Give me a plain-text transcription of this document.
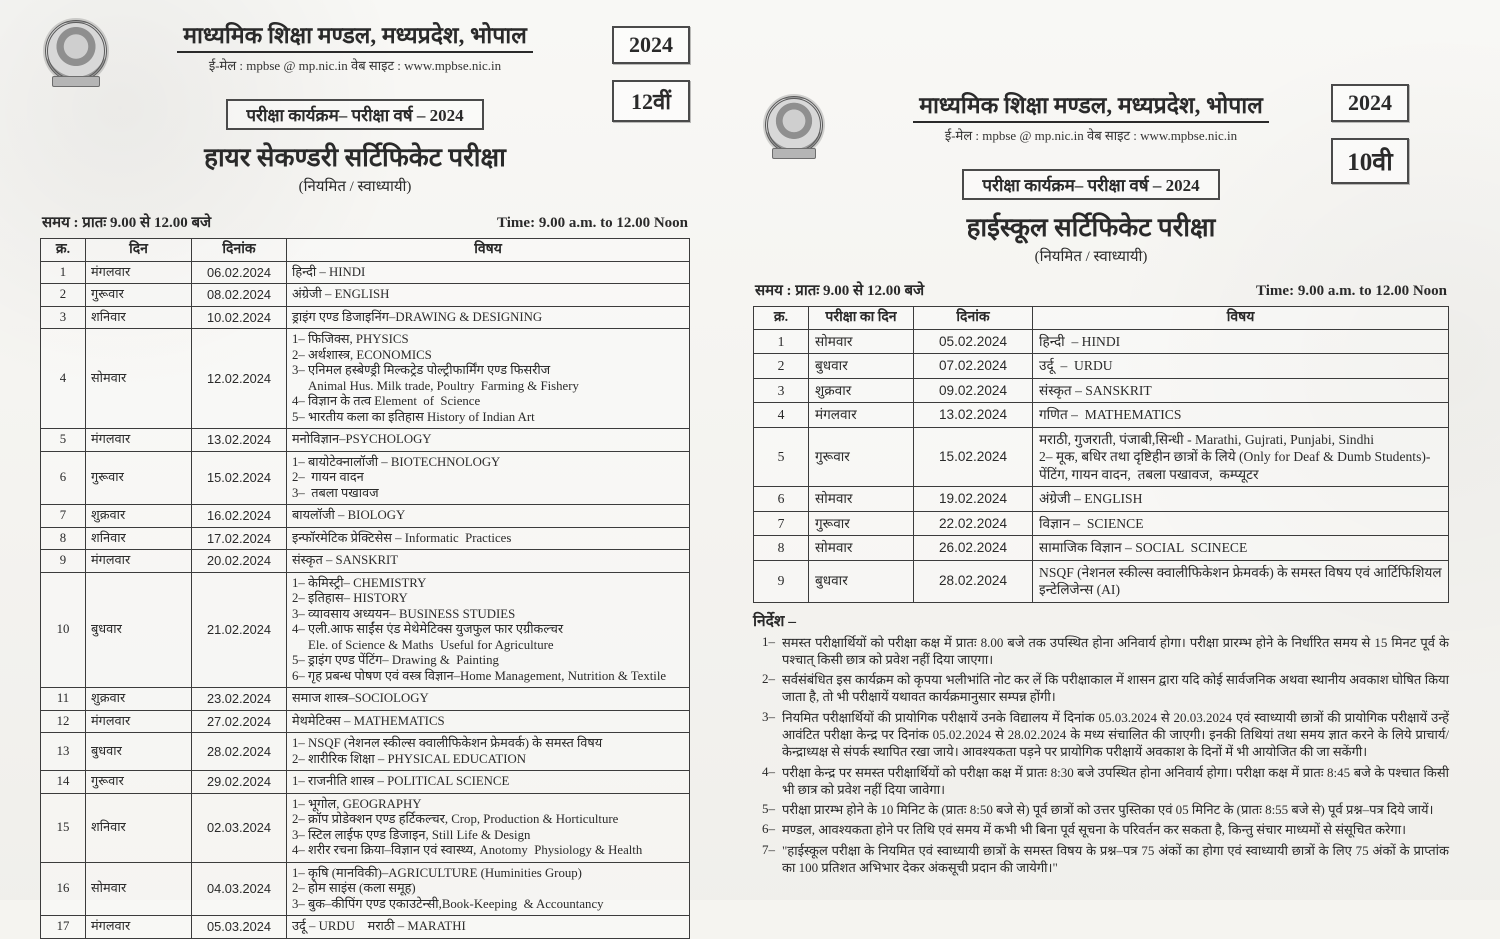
2024
12वीं
माध्यमिक शिक्षा मण्डल, मध्यप्रदेश, भोपाल

ई-मेल : mpbse @ mp.nic.in वेब साइट : www.mpbse.nic.in

परीक्षा कार्यक्रम– परीक्षा वर्ष – 2024
हायर सेकण्डरी सर्टिफिकेट परीक्षा
(नियमित / स्वाध्यायी)
समय : प्रातः 9.00 से 12.00 बजे	Time: 9.00 a.m. to 12.00 Noon
क्र.	दिन	दिनांक	विषय
1	मंगलवार	06.02.2024	हिन्दी – HINDI

2	गुरूवार	08.02.2024	अंग्रेजी – ENGLISH

3	शनिवार	10.02.2024	ड्राइंग एण्ड डिजाइनिंग–DRAWING & DESIGNING

4	सोमवार	12.02.2024	
1– फिजिक्स, PHYSICS
2– अर्थशास्त्र, ECONOMICS
3– एनिमल हस्बेण्ड्री मिल्कट्रेड पोल्ट्रीफार्मिंग एण्ड फिसरीज
Animal Hus. Milk trade, Poultry  Farming & Fishery
4– विज्ञान के तत्व Element  of  Science
5– भारतीय कला का इतिहास History of Indian Art

5	मंगलवार	13.02.2024	मनोविज्ञान–PSYCHOLOGY

6	गुरूवार	15.02.2024	1– बायोटेक्नालॉजी – BIOTECHNOLOGY
2–  गायन वादन
3–  तबला पखावज

7	शुक्रवार	16.02.2024	बायलॉजी – BIOLOGY

8	शनिवार	17.02.2024	इन्फॉरमेटिक प्रेक्टिसेस – Informatic  Practices

9	मंगलवार	20.02.2024	संस्कृत – SANSKRIT

10	बुधवार	21.02.2024	
1– केमिस्ट्री– CHEMISTRY
2– इतिहास– HISTORY
3– व्यावसाय अध्ययन– BUSINESS STUDIES
4– एली.आफ साईंस एंड मेथेमेटिक्स युजफुल फार एग्रीकल्चर
Ele. of Science & Maths  Useful for Agriculture
5– ड्राइंग एण्ड पेंटिंग– Drawing &  Painting
6– गृह प्रबन्ध पोषण एवं वस्त्र विज्ञान–Home Management, Nutrition & Textile

11	शुक्रवार	23.02.2024	समाज शास्त्र–SOCIOLOGY

12	मंगलवार	27.02.2024	मेथमेटिक्स – MATHEMATICS

13	बुधवार	28.02.2024	1– NSQF (नेशनल स्कील्स क्वालीफिकेशन फ्रेमवर्क) के समस्त विषय
2– शारीरिक शिक्षा – PHYSICAL EDUCATION

14	गुरूवार	29.02.2024	1– राजनीति शास्त्र – POLITICAL SCIENCE

15	शनिवार	02.03.2024	1– भूगोल, GEOGRAPHY
2– क्रॉप प्रोडेक्शन एण्ड हर्टिकल्चर, Crop, Production & Horticulture
3– स्टिल लाईफ एण्ड डिजाइन, Still Life & Design
4– शरीर रचना क्रिया–विज्ञान एवं स्वास्थ्य, Anotomy  Physiology & Health

16	सोमवार	04.03.2024	1– कृषि (मानविकी)–AGRICULTURE (Huminities Group)
2– होम साइंस (कला समूह)
3– बुक–कीपिंग एण्ड एकाउटेन्सी,Book-Keeping  & Accountancy

17	मंगलवार	05.03.2024	उर्दू – URDU    मराठी – MARATHI
2024
10वी
माध्यमिक शिक्षा मण्डल, मध्यप्रदेश, भोपाल

ई-मेल : mpbse @ mp.nic.in वेब साइट : www.mpbse.nic.in

परीक्षा कार्यक्रम– परीक्षा वर्ष – 2024
हाईस्कूल सर्टिफिकेट परीक्षा
(नियमित / स्वाध्यायी)
समय : प्रातः 9.00 से 12.00 बजे	Time: 9.00 a.m. to 12.00 Noon
क्र.	परीक्षा का दिन	दिनांक	विषय
1	सोमवार	05.02.2024	हिन्दी  – HINDI

2	बुधवार	07.02.2024	उर्दू  –  URDU

3	शुक्रवार	09.02.2024	संस्कृत – SANSKRIT

4	मंगलवार	13.02.2024	गणित –  MATHEMATICS

5	गुरूवार	15.02.2024	मराठी, गुजराती, पंजाबी,सिन्धी - Marathi, Gujrati, Punjabi, Sindhi
2– मूक, बधिर तथा दृष्टिहीन छात्रों के लिये (Only for Deaf & Dumb Students)- पेंटिंग, गायन वादन,  तबला पखावज,  कम्प्यूटर

6	सोमवार	19.02.2024	अंग्रेजी – ENGLISH

7	गुरूवार	22.02.2024	विज्ञान –  SCIENCE

8	सोमवार	26.02.2024	सामाजिक विज्ञान – SOCIAL  SCINECE

9	बुधवार	28.02.2024	NSQF (नेशनल स्कील्स क्वालीफिकेशन फ्रेमवर्क) के समस्त विषय एवं आर्टिफिशियल इन्टेलिजेन्स (AI)
निर्देश –
1– समस्त परीक्षार्थियों को परीक्षा कक्ष में प्रातः 8.00 बजे तक उपस्थित होना अनिवार्य होगा। परीक्षा प्रारम्भ होने के निर्धारित समय से 15 मिनट पूर्व के पश्चात् किसी छात्र को प्रवेश नहीं दिया जाएगा।
2– सर्वसंबंधित इस कार्यक्रम को कृपया भलीभांति नोट कर लें कि परीक्षाकाल में शासन द्वारा यदि कोई सार्वजनिक अथवा स्थानीय अवकाश घोषित किया जाता है, तो भी परीक्षायें यथावत कार्यक्रमानुसार सम्पन्न होंगी।
3– नियमित परीक्षार्थियों की प्रायोगिक परीक्षायें उनके विद्यालय में दिनांक 05.03.2024 से 20.03.2024 एवं स्वाध्यायी छात्रों की प्रायोगिक परीक्षायें उन्हें आवंटित परीक्षा केन्द्र पर दिनांक 05.02.2024 से 28.02.2024 के मध्य संचालित की जाएगी। इनकी तिथियां तथा समय ज्ञात करने के लिये प्राचार्य/केन्द्राध्यक्ष से संपर्क स्थापित रखा जाये। आवश्यकता पड़ने पर प्रायोगिक परीक्षायें अवकाश के दिनों में भी आयोजित की जा सकेंगी।
4– परीक्षा केन्द्र पर समस्त परीक्षार्थियों को परीक्षा कक्ष में प्रातः 8:30 बजे उपस्थित होना अनिवार्य होगा। परीक्षा कक्ष में प्रातः 8:45 बजे के पश्चात किसी भी छात्र को प्रवेश नहीं दिया जावेगा।
5– परीक्षा प्रारम्भ होने के 10 मिनिट के (प्रातः 8:50 बजे से) पूर्व छात्रों को उत्तर पुस्तिका एवं 05 मिनिट के (प्रातः 8:55 बजे से) पूर्व प्रश्न–पत्र दिये जायें।
6– मण्डल, आवश्यकता होने पर तिथि एवं समय में कभी भी बिना पूर्व सूचना के परिवर्तन कर सकता है, किन्तु संचार माध्यमों से संसूचित करेगा।
7– "हाईस्कूल परीक्षा के नियमित एवं स्वाध्यायी छात्रों के समस्त विषय के प्रश्न–पत्र 75 अंकों का होगा एवं स्वाध्यायी छात्रों के लिए 75 अंकों के प्राप्तांक का 100 प्रतिशत अभिभार देकर अंकसूची प्रदान की जायेगी।"
